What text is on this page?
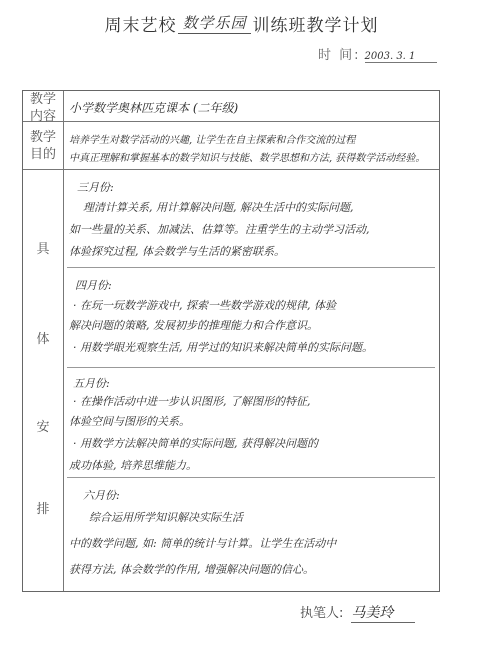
周末艺校 数学乐园 训练班教学计划
时 间: 2003. 3. 1
教学
内容
小学数学奥林匹克课本 (二年级)
教学
目的
培养学生对数学活动的兴趣, 让学生在自主探索和合作交流的过程
中真正理解和掌握基本的数学知识与技能、数学思想和方法, 获得数学活动经验。
具
体
安
排
三月份:
理清计算关系, 用计算解决问题, 解决生活中的实际问题,
如一些量的关系、加减法、估算等。注重学生的主动学习活动,
体验探究过程, 体会数学与生活的紧密联系。
四月份:
· 在玩一玩数学游戏中, 探索一些数学游戏的规律, 体验
解决问题的策略, 发展初步的推理能力和合作意识。
· 用数学眼光观察生活, 用学过的知识来解决简单的实际问题。
五月份:
· 在操作活动中进一步认识图形, 了解图形的特征,
体验空间与图形的关系。
· 用数学方法解决简单的实际问题, 获得解决问题的
成功体验, 培养思维能力。
六月份:
综合运用所学知识解决实际生活
中的数学问题, 如: 简单的统计与计算。让学生在活动中
获得方法, 体会数学的作用, 增强解决问题的信心。
执笔人: 马美玲
